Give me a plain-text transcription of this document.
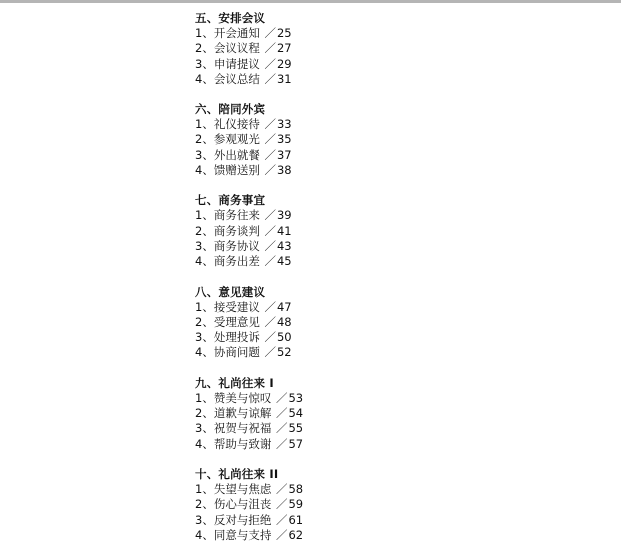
五、安排会议
1、开会通知 ／25
2、会议议程 ／27
3、申请提议 ／29
4、会议总结 ／31
六、陪同外宾
1、礼仪接待 ／33
2、参观观光 ／35
3、外出就餐 ／37
4、馈赠送别 ／38
七、商务事宜
1、商务往来 ／39
2、商务谈判 ／41
3、商务协议 ／43
4、商务出差 ／45
八、意见建议
1、接受建议 ／47
2、受理意见 ／48
3、处理投诉 ／50
4、协商问题 ／52
九、礼尚往来 I
1、赞美与惊叹 ／53
2、道歉与谅解 ／54
3、祝贺与祝福 ／55
4、帮助与致谢 ／57
十、礼尚往来 II
1、失望与焦虑 ／58
2、伤心与沮丧 ／59
3、反对与拒绝 ／61
4、同意与支持 ／62
